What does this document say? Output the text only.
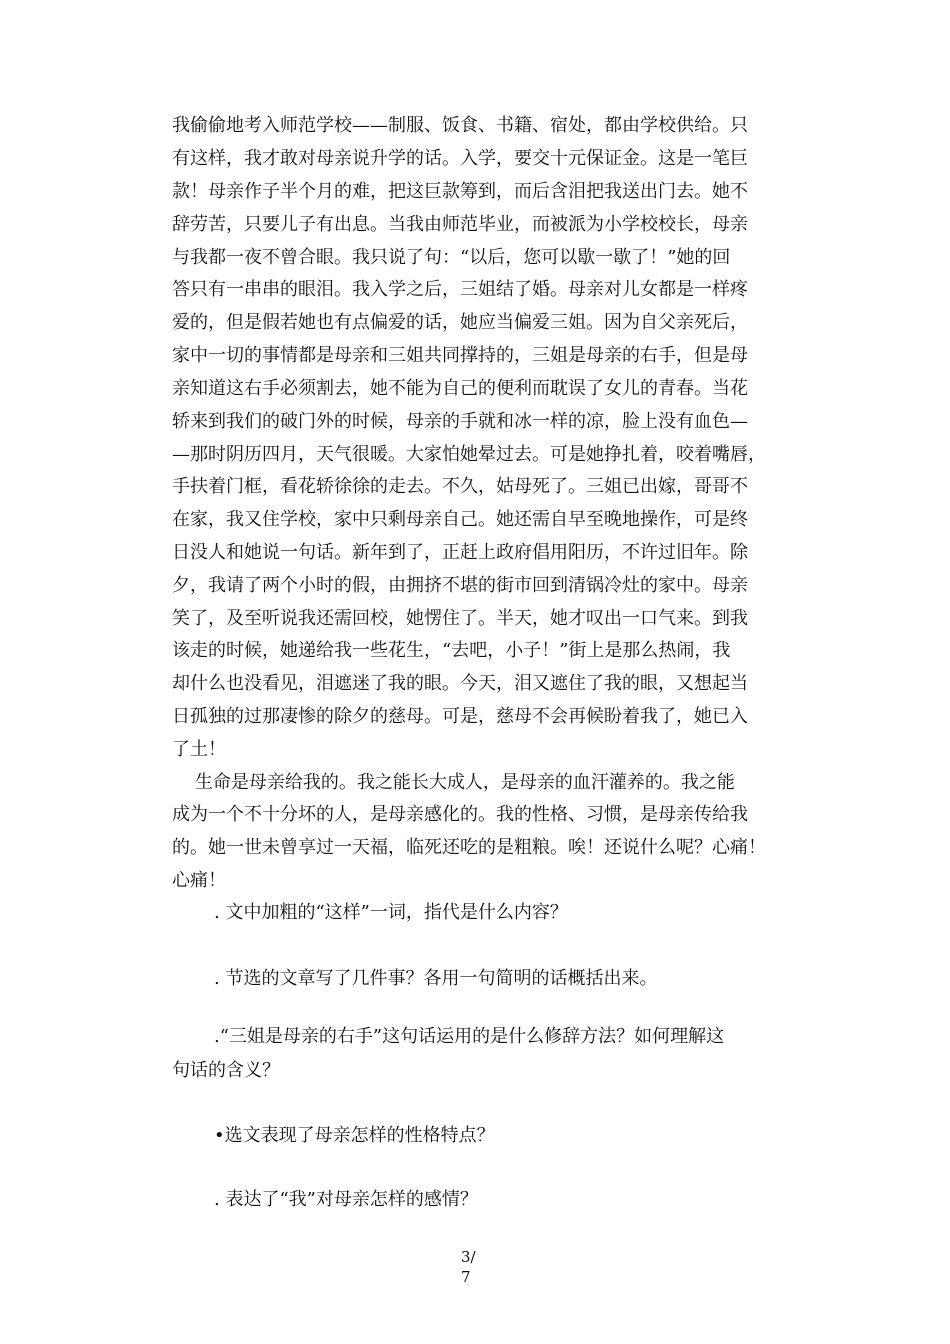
我偷偷地考入师范学校——制服、饭食、书籍、宿处，都由学校供给。只
有这样，我才敢对母亲说升学的话。入学，要交十元保证金。这是一笔巨
款！母亲作子半个月的难，把这巨款筹到，而后含泪把我送出门去。她不
辞劳苦，只要儿子有出息。当我由师范毕业，而被派为小学校校长，母亲
与我都一夜不曾合眼。我只说了句：“以后，您可以歇一歇了！”她的回
答只有一串串的眼泪。我入学之后，三姐结了婚。母亲对儿女都是一样疼
爱的，但是假若她也有点偏爱的话，她应当偏爱三姐。因为自父亲死后，
家中一切的事情都是母亲和三姐共同撑持的，三姐是母亲的右手，但是母
亲知道这右手必须割去，她不能为自己的便利而耽误了女儿的青春。当花
轿来到我们的破门外的时候，母亲的手就和冰一样的凉，脸上没有血色—
—那时阴历四月，天气很暖。大家怕她晕过去。可是她挣扎着，咬着嘴唇，
手扶着门框，看花轿徐徐的走去。不久，姑母死了。三姐已出嫁，哥哥不
在家，我又住学校，家中只剩母亲自己。她还需自早至晚地操作，可是终
日没人和她说一句话。新年到了，正赶上政府倡用阳历，不许过旧年。除
夕，我请了两个小时的假，由拥挤不堪的街市回到清锅冷灶的家中。母亲
笑了，及至听说我还需回校，她愣住了。半天，她才叹出一口气来。到我
该走的时候，她递给我一些花生，“去吧，小子！”街上是那么热闹，我
却什么也没看见，泪遮迷了我的眼。今天，泪又遮住了我的眼，又想起当
日孤独的过那凄惨的除夕的慈母。可是，慈母不会再候盼着我了，她已入
了土！
生命是母亲给我的。我之能长大成人，是母亲的血汗灌养的。我之能
成为一个不十分坏的人，是母亲感化的。我的性格、习惯，是母亲传给我
的。她一世未曾享过一天福，临死还吃的是粗粮。唉！还说什么呢？心痛！
心痛！
. 文中加粗的“这样”一词，指代是什么内容？
. 节选的文章写了几件事？各用一句简明的话概括出来。
.“三姐是母亲的右手”这句话运用的是什么修辞方法？如何理解这
句话的含义？
•选文表现了母亲怎样的性格特点？
. 表达了“我”对母亲怎样的感情？
3/
7
